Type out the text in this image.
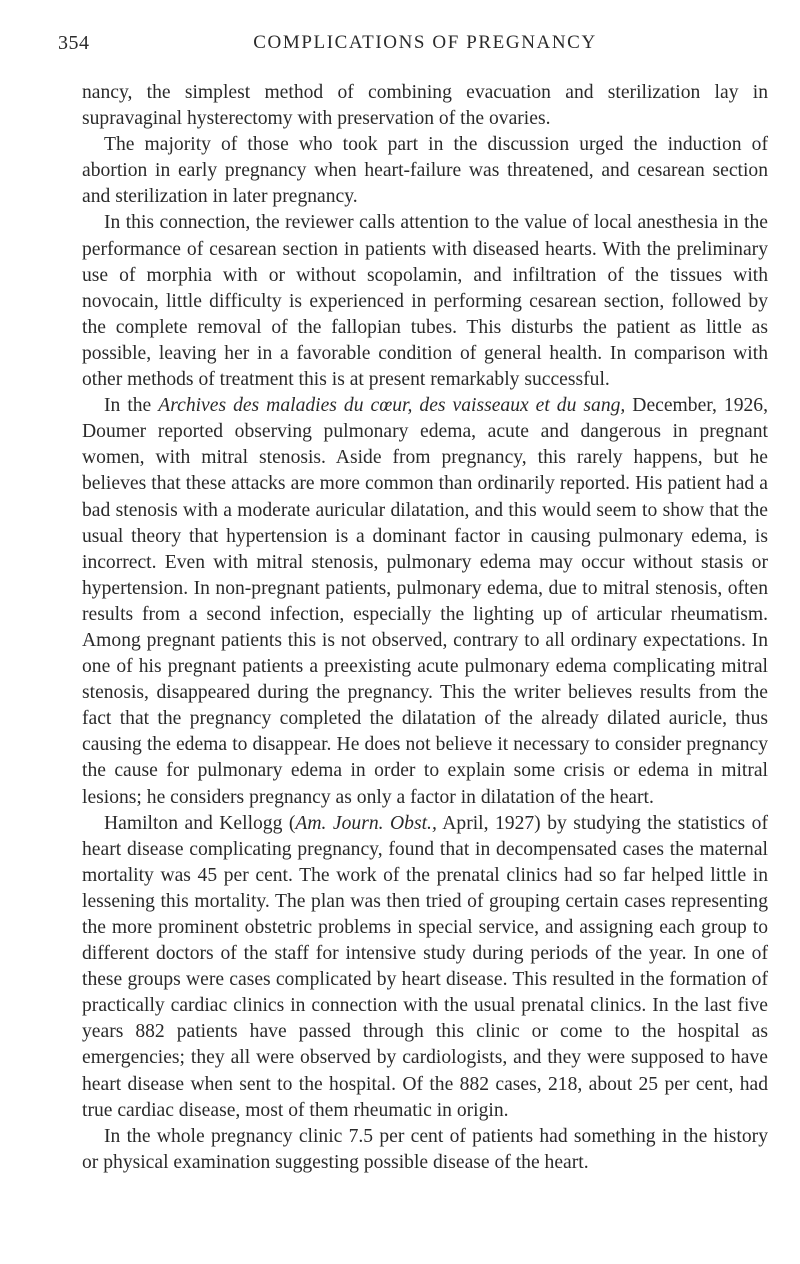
354	COMPLICATIONS OF PREGNANCY

nancy, the simplest method of combining evacuation and sterilization lay in supravaginal hysterectomy with preservation of the ovaries.

The majority of those who took part in the discussion urged the induction of abortion in early pregnancy when heart-failure was threatened, and cesarean section and sterilization in later pregnancy.

In this connection, the reviewer calls attention to the value of local anesthesia in the performance of cesarean section in patients with diseased hearts. With the preliminary use of morphia with or without scopolamin, and infiltration of the tissues with novocain, little difficulty is experienced in performing cesarean section, followed by the complete removal of the fallopian tubes. This disturbs the patient as little as possible, leaving her in a favorable condition of general health. In comparison with other methods of treatment this is at present remarkably successful.

In the Archives des maladies du cœur, des vaisseaux et du sang, December, 1926, Doumer reported observing pulmonary edema, acute and dangerous in pregnant women, with mitral stenosis. Aside from pregnancy, this rarely happens, but he believes that these attacks are more common than ordinarily reported. His patient had a bad stenosis with a moderate auricular dilatation, and this would seem to show that the usual theory that hypertension is a dominant factor in causing pulmonary edema, is incorrect. Even with mitral stenosis, pulmonary edema may occur without stasis or hypertension. In non-pregnant patients, pulmonary edema, due to mitral stenosis, often results from a second infection, especially the lighting up of articular rheumatism. Among pregnant patients this is not observed, contrary to all ordinary expectations. In one of his pregnant patients a preexisting acute pulmonary edema complicating mitral stenosis, disappeared during the pregnancy. This the writer believes results from the fact that the pregnancy completed the dilatation of the already dilated auricle, thus causing the edema to disappear. He does not believe it necessary to consider pregnancy the cause for pulmonary edema in order to explain some crisis or edema in mitral lesions; he considers pregnancy as only a factor in dilatation of the heart.

Hamilton and Kellogg (Am. Journ. Obst., April, 1927) by studying the statistics of heart disease complicating pregnancy, found that in decompensated cases the maternal mortality was 45 per cent. The work of the prenatal clinics had so far helped little in lessening this mortality. The plan was then tried of grouping certain cases representing the more prominent obstetric problems in special service, and assigning each group to different doctors of the staff for intensive study during periods of the year. In one of these groups were cases complicated by heart disease. This resulted in the formation of practically cardiac clinics in connection with the usual prenatal clinics. In the last five years 882 patients have passed through this clinic or come to the hospital as emergencies; they all were observed by cardiologists, and they were supposed to have heart disease when sent to the hospital. Of the 882 cases, 218, about 25 per cent, had true cardiac disease, most of them rheumatic in origin.

In the whole pregnancy clinic 7.5 per cent of patients had something in the history or physical examination suggesting possible disease of the heart.
